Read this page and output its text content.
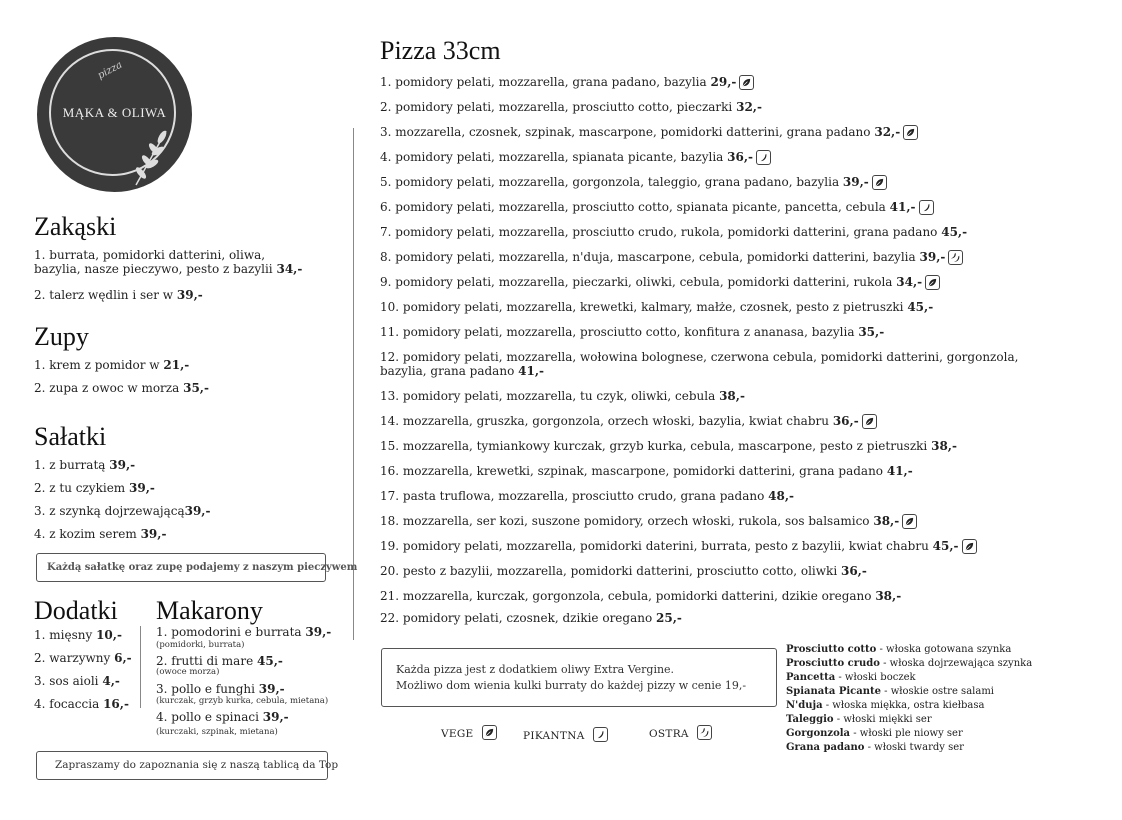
pizza
MĄKA & OLIWA
Zakąski
1. burrata, pomidorki datterini, oliwa,
bazylia, nasze pieczywo, pesto z bazylii 34,-
2. talerz wędlin i ser w 39,-
Zupy
1. krem z pomidor w 21,-
2. zupa z owoc w morza 35,-
Sałatki
1. z burratą 39,-
2. z tu czykiem 39,-
3. z szynką dojrzewającą39,-
4. z kozim serem 39,-
Każdą sałatkę oraz zupę podajemy z naszym pieczywem
Dodatki
1. mięsny 10,-
2. warzywny 6,-
3. sos aioli 4,-
4. focaccia 16,-
Makarony
1. pomodorini e burrata 39,-
(pomidorki, burrata)
2. frutti di mare 45,-
(owoce morza)
3. pollo e funghi 39,-
(kurczak, grzyb kurka, cebula, mietana)
4. pollo e spinaci 39,-
(kurczaki, szpinak, mietana)
Zapraszamy do zapoznania się z naszą tablicą da Top
Pizza 33cm
1. pomidory pelati, mozzarella, grana padano, bazylia 29,-
2. pomidory pelati, mozzarella, prosciutto cotto, pieczarki 32,-
3. mozzarella, czosnek, szpinak, mascarpone, pomidorki datterini, grana padano 32,-
4. pomidory pelati, mozzarella, spianata picante, bazylia 36,-
5. pomidory pelati, mozzarella, gorgonzola, taleggio, grana padano, bazylia 39,-
6. pomidory pelati, mozzarella, prosciutto cotto, spianata picante, pancetta, cebula 41,-
7. pomidory pelati, mozzarella, prosciutto crudo, rukola, pomidorki datterini, grana padano 45,-
8. pomidory pelati, mozzarella, n'duja, mascarpone, cebula, pomidorki datterini, bazylia 39,-
9. pomidory pelati, mozzarella, pieczarki, oliwki, cebula, pomidorki datterini, rukola 34,-
10. pomidory pelati, mozzarella, krewetki, kalmary, małże, czosnek, pesto z pietruszki 45,-
11. pomidory pelati, mozzarella, prosciutto cotto, konfitura z ananasa, bazylia 35,-
12. pomidory pelati, mozzarella, wołowina bolognese, czerwona cebula, pomidorki datterini, gorgonzola,
bazylia, grana padano 41,-
13. pomidory pelati, mozzarella, tu czyk, oliwki, cebula 38,-
14. mozzarella, gruszka, gorgonzola, orzech włoski, bazylia, kwiat chabru 36,-
15. mozzarella, tymiankowy kurczak, grzyb kurka, cebula, mascarpone, pesto z pietruszki 38,-
16. mozzarella, krewetki, szpinak, mascarpone, pomidorki datterini, grana padano 41,-
17. pasta truflowa, mozzarella, prosciutto crudo, grana padano 48,-
18. mozzarella, ser kozi, suszone pomidory, orzech włoski, rukola, sos balsamico 38,-
19. pomidory pelati, mozzarella, pomidorki daterini, burrata, pesto z bazylii, kwiat chabru 45,-
20. pesto z bazylii, mozzarella, pomidorki datterini, prosciutto cotto, oliwki 36,-
21. mozzarella, kurczak, gorgonzola, cebula, pomidorki datterini, dzikie oregano 38,-
22. pomidory pelati, czosnek, dzikie oregano 25,-
Każda pizza jest z dodatkiem oliwy Extra Vergine.
Możliwo dom wienia kulki burraty do każdej pizzy w cenie 19,-
VEGE	PIKANTNA	OSTRA
Prosciutto cotto - włoska gotowana szynka
Prosciutto crudo - włoska dojrzewająca szynka
Pancetta - włoski boczek
Spianata Picante - włoskie ostre salami
N'duja - włoska miękka, ostra kiełbasa
Taleggio - włoski miękki ser
Gorgonzola - włoski ple niowy ser
Grana padano - włoski twardy ser
